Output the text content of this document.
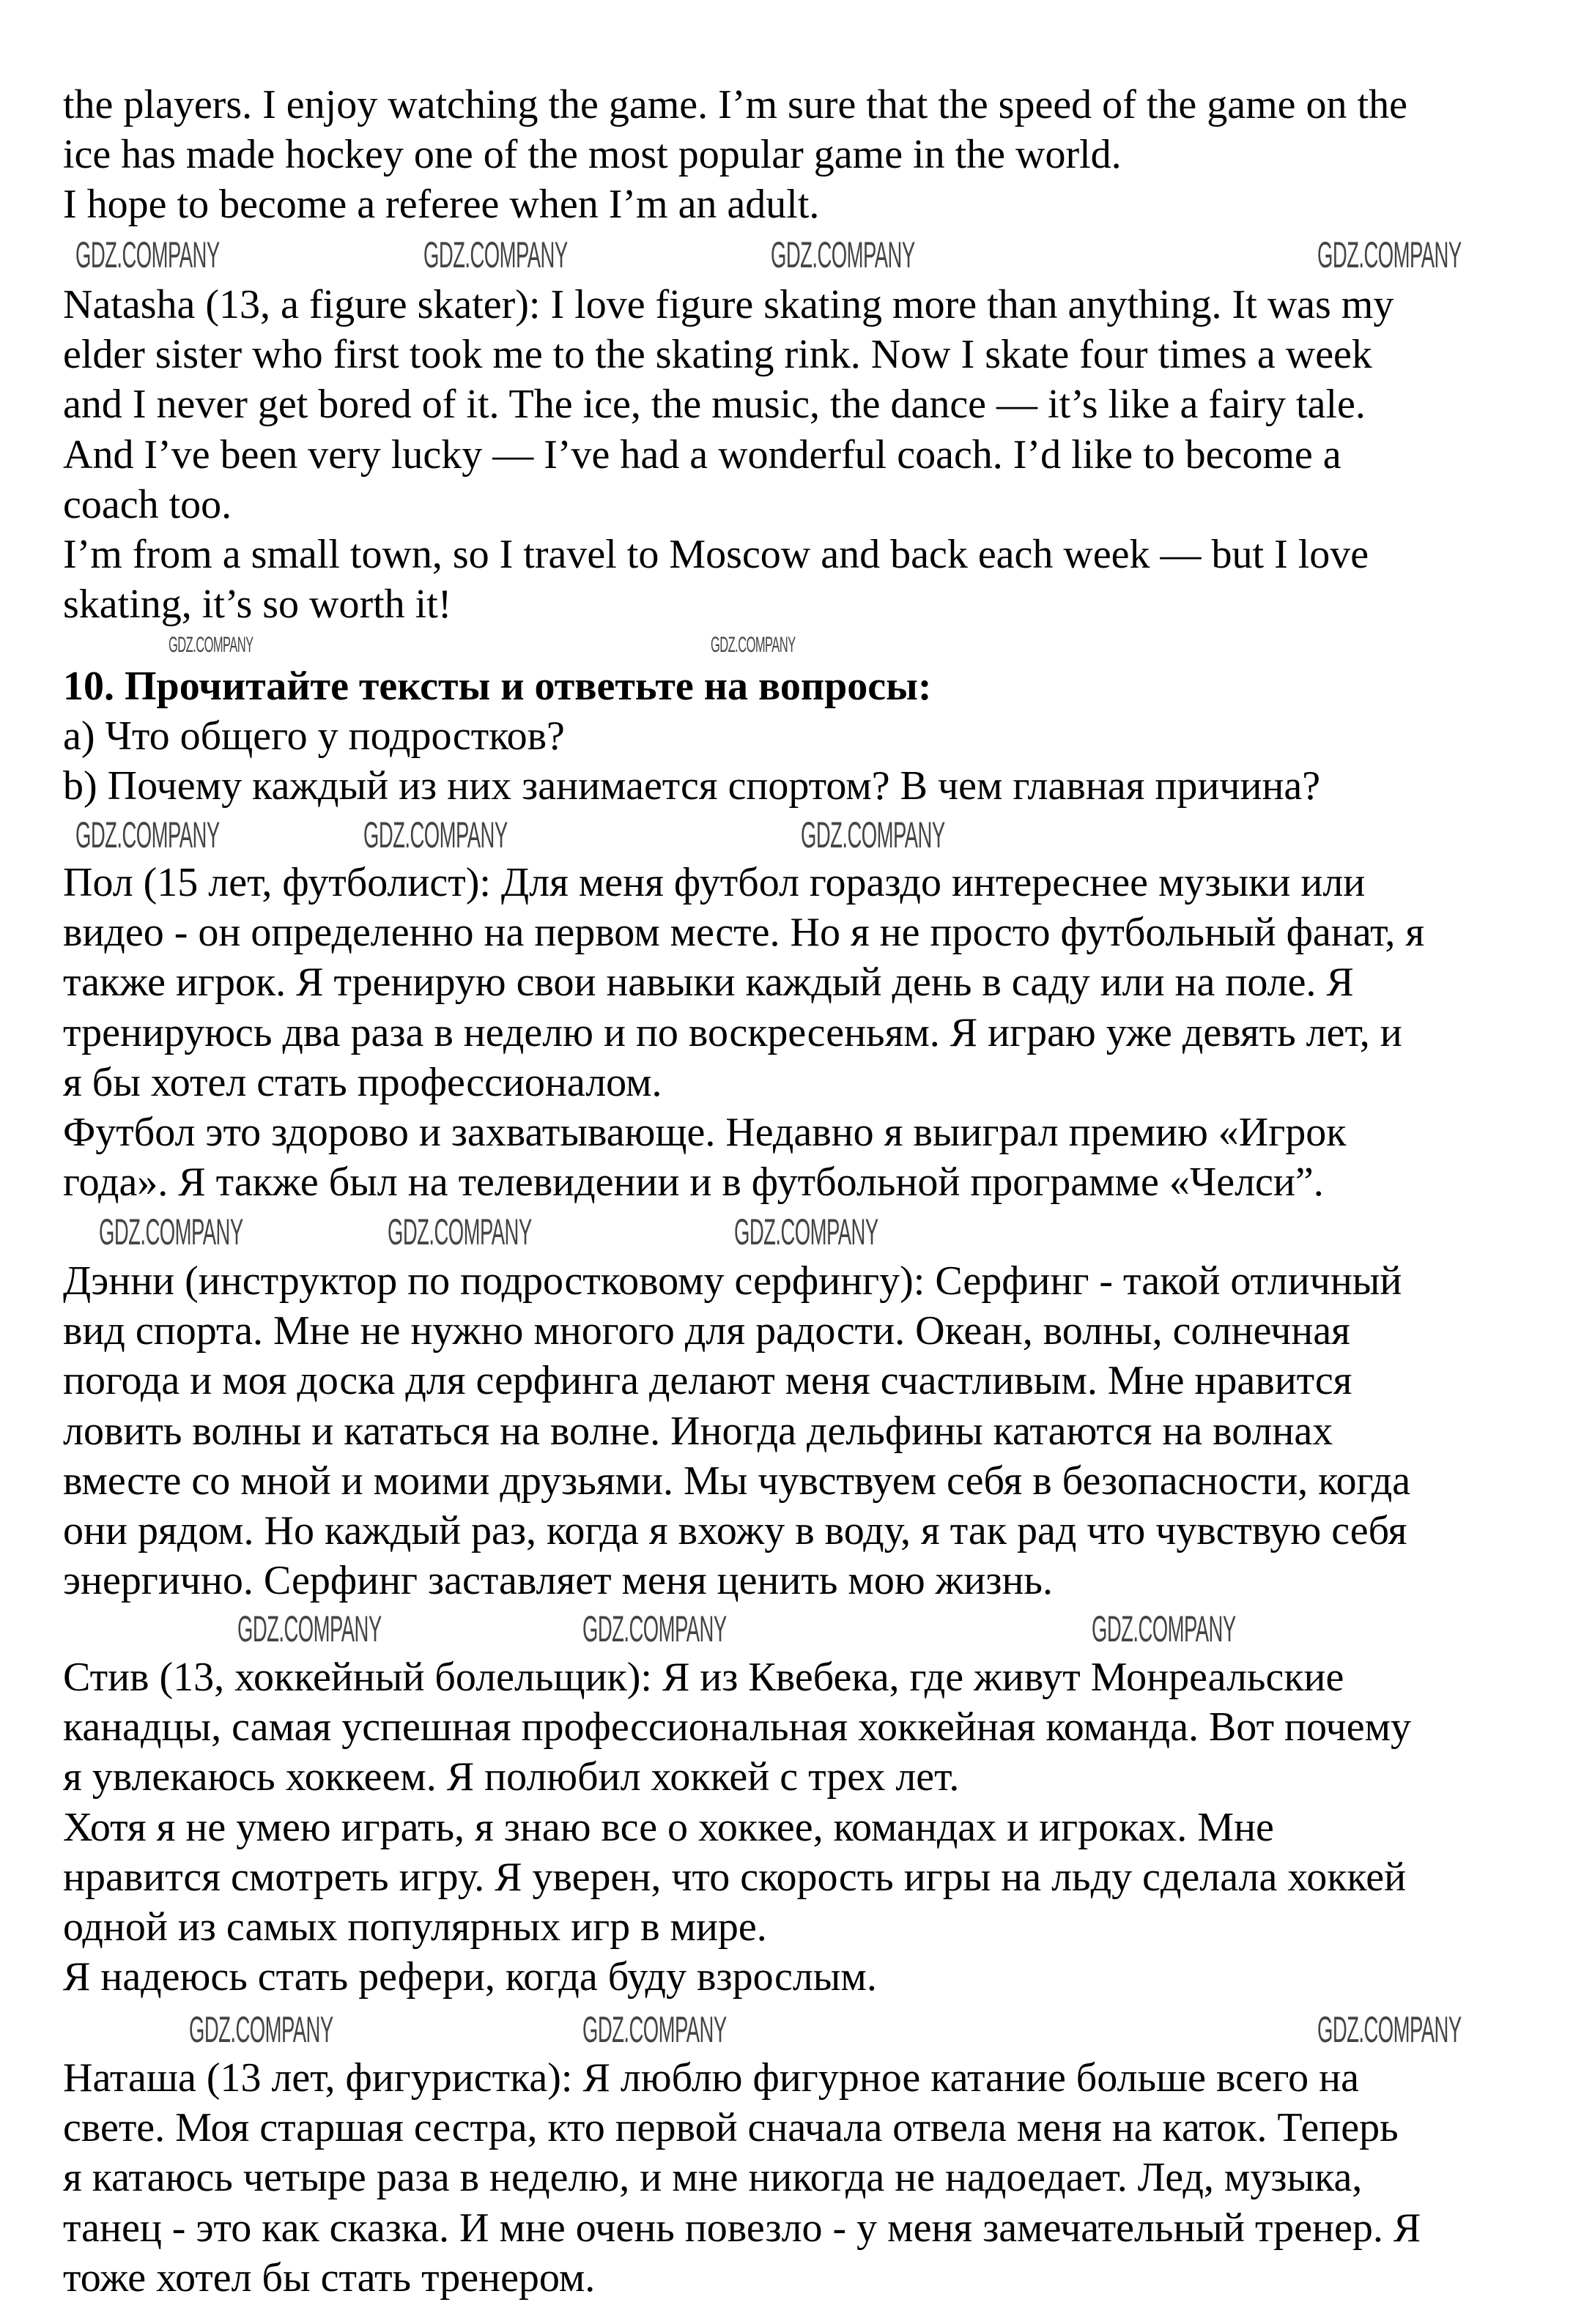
the players. I enjoy watching the game. I’m sure that the speed of the game on the
ice has made hockey one of the most popular game in the world.
I hope to become a referee when I’m an adult.
Natasha (13, a figure skater): I love figure skating more than anything. It was my
elder sister who first took me to the skating rink. Now I skate four times a week
and I never get bored of it. The ice, the music, the dance — it’s like a fairy tale.
And I’ve been very lucky — I’ve had a wonderful coach. I’d like to become a
coach too.
I’m from a small town, so I travel to Moscow and back each week — but I love
skating, it’s so worth it!
10. Прочитайте тексты и ответьте на вопросы:
a) Что общего у подростков?
b) Почему каждый из них занимается спортом? В чем главная причина?
Пол (15 лет, футболист): Для меня футбол гораздо интереснее музыки или
видео - он определенно на первом месте. Но я не просто футбольный фанат, я
также игрок. Я тренирую свои навыки каждый день в саду или на поле. Я
тренируюсь два раза в неделю и по воскресеньям. Я играю уже девять лет, и
я бы хотел стать профессионалом.
Футбол это здорово и захватывающе. Недавно я выиграл премию «Игрок
года». Я также был на телевидении и в футбольной программе «Челси”.
Дэнни (инструктор по подростковому серфингу): Серфинг - такой отличный
вид спорта. Мне не нужно многого для радости. Океан, волны, солнечная
погода и моя доска для серфинга делают меня счастливым. Мне нравится
ловить волны и кататься на волне. Иногда дельфины катаются на волнах
вместе со мной и моими друзьями. Мы чувствуем себя в безопасности, когда
они рядом. Но каждый раз, когда я вхожу в воду, я так рад что чувствую себя
энергично. Серфинг заставляет меня ценить мою жизнь.
Стив (13, хоккейный болельщик): Я из Квебека, где живут Монреальские
канадцы, самая успешная профессиональная хоккейная команда. Вот почему
я увлекаюсь хоккеем. Я полюбил хоккей с трех лет.
Хотя я не умею играть, я знаю все о хоккее, командах и игроках. Мне
нравится смотреть игру. Я уверен, что скорость игры на льду сделала хоккей
одной из самых популярных игр в мире.
Я надеюсь стать рефери, когда буду взрослым.
Наташа (13 лет, фигуристка): Я люблю фигурное катание больше всего на
свете. Моя старшая сестра, кто первой сначала отвела меня на каток. Теперь
я катаюсь четыре раза в неделю, и мне никогда не надоедает. Лед, музыка,
танец - это как сказка. И мне очень повезло - у меня замечательный тренер. Я
тоже хотел бы стать тренером.
GDZ.COMPANY	GDZ.COMPANY	GDZ.COMPANY	GDZ.COMPANY
GDZ.COMPANY	GDZ.COMPANY
GDZ.COMPANY	GDZ.COMPANY	GDZ.COMPANY
GDZ.COMPANY	GDZ.COMPANY	GDZ.COMPANY
GDZ.COMPANY	GDZ.COMPANY	GDZ.COMPANY
GDZ.COMPANY	GDZ.COMPANY	GDZ.COMPANY
